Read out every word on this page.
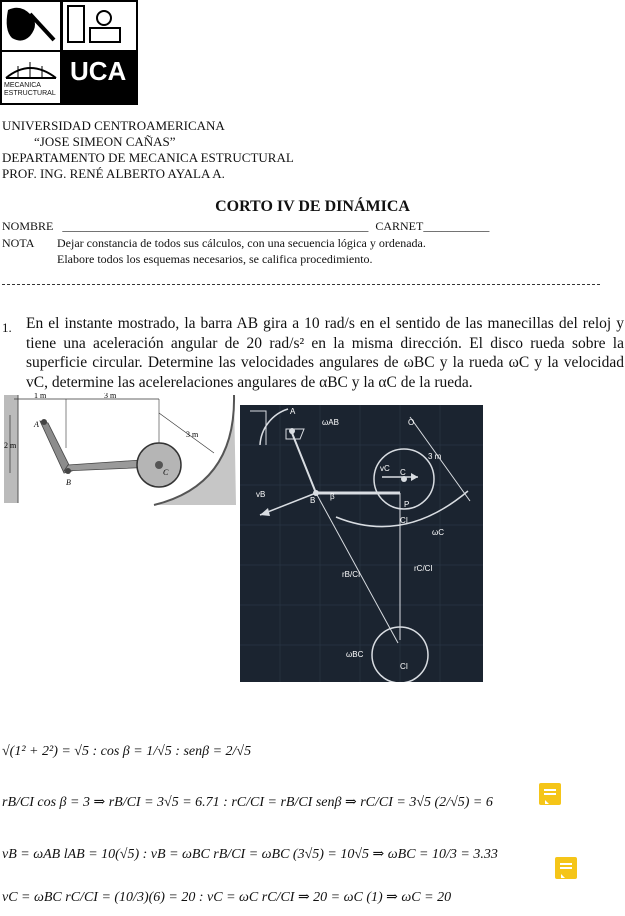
UCA
MECANICA
ESTRUCTURAL
UNIVERSIDAD CENTROAMERICANA
“JOSE SIMEON CAÑAS”
DEPARTAMENTO DE MECANICA ESTRUCTURAL
PROF. ING. RENÉ ALBERTO AYALA A.
CORTO IV DE DINÁMICA
NOMBRE ___________________________________________________ CARNET___________
NOTA Dejar constancia de todos sus cálculos, con una secuencia lógica y ordenada.
Elabore todos los esquemas necesarios, se califica procedimiento.
1. En el instante mostrado, la barra AB gira a 10 rad/s en el sentido de las manecillas del reloj y tiene una aceleración angular de 20 rad/s² en la misma dirección. El disco rueda sobre la superficie circular. Determine las velocidades angulares de ωBC y la rueda ωC y la velocidad vC, determine las acelerelaciones angulares de αBC y la αC de la rueda.
1 m	3 m
2 m
3 m
A
B
C
A
ωAB	O
3 m
vC C
vB
B β
P
CI
ωC
rB/CI
rC/CI
ωBC
CI
√(1² + 2²) = √5 : cos β = 1/√5 : senβ = 2/√5
rB/CI cos β = 3 ⇒ rB/CI = 3√5 = 6.71 : rC/CI = rB/CI senβ ⇒ rC/CI = 3√5 (2/√5) = 6
vB = ωAB lAB = 10(√5) : vB = ωBC rB/CI = ωBC (3√5) = 10√5 ⇒ ωBC = 10/3 = 3.33
vC = ωBC rC/CI = (10/3)(6) = 20 : vC = ωC rC/CI ⇒ 20 = ωC (1) ⇒ ωC = 20
